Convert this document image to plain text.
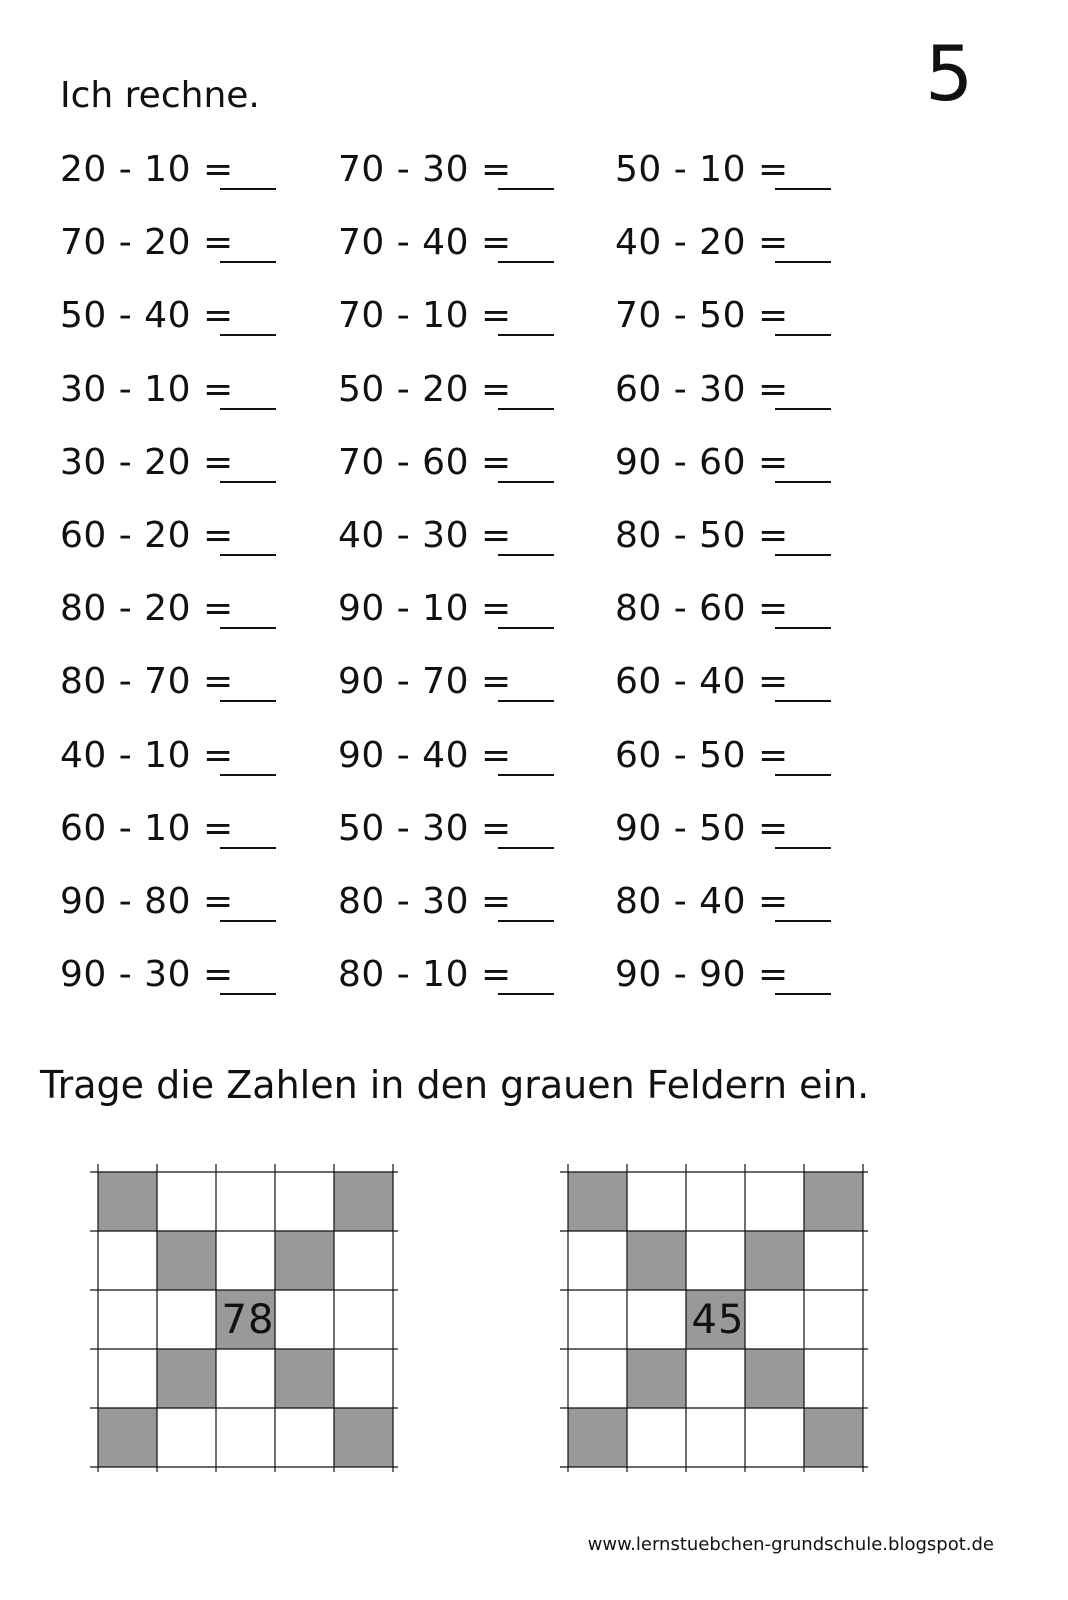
5
Ich rechne.
20 - 10 =	70 - 30 =	50 - 10 =
70 - 20 =	70 - 40 =	40 - 20 =
50 - 40 =	70 - 10 =	70 - 50 =
30 - 10 =	50 - 20 =	60 - 30 =
30 - 20 =	70 - 60 =	90 - 60 =
60 - 20 =	40 - 30 =	80 - 50 =
80 - 20 =	90 - 10 =	80 - 60 =
80 - 70 =	90 - 70 =	60 - 40 =
40 - 10 =	90 - 40 =	60 - 50 =
60 - 10 =	50 - 30 =	90 - 50 =
90 - 80 =	80 - 30 =	80 - 40 =
90 - 30 =	80 - 10 =	90 - 90 =
Trage die Zahlen in den grauen Feldern ein.
78	45
www.lernstuebchen-grundschule.blogspot.de
